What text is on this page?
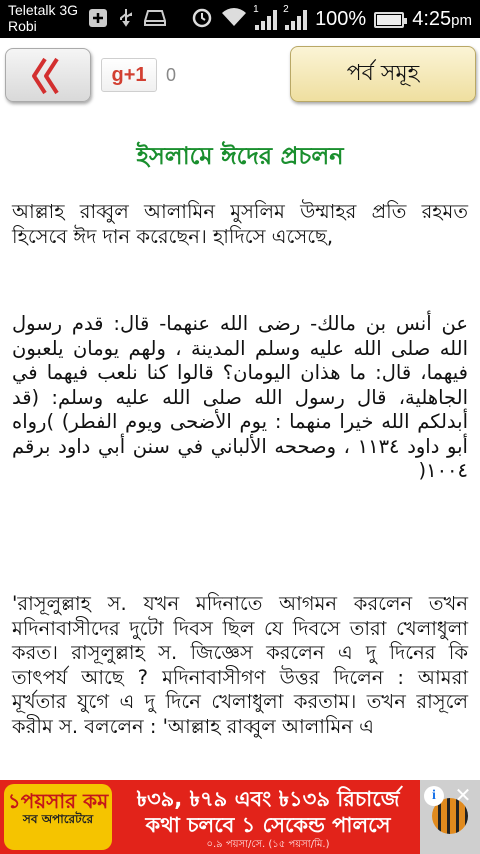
Teletalk 3G
Robi
1 2 100% 4:25pm
g+1	0	পর্ব সমূহ
ইসলামে ঈদের প্রচলন

আল্লাহ রাব্বুল আলামিন মুসলিম উম্মাহর প্রতি রহমত হিসেবে ঈদ দান করেছেন। হাদিসে এসেছে,

عن أنس بن مالك- رضى الله عنهما- قال: قدم رسول الله صلى الله عليه وسلم المدينة ، ولهم يومان يلعبون فيهما، قال: ما هذان اليومان؟ قالوا كنا نلعب فيهما في الجاهلية، قال رسول الله صلى الله عليه وسلم: (قد أبدلكم الله خيرا منهما : يوم الأضحى ويوم الفطر) )رواه أبو داود ١١٣٤ ، وصححه الألباني في سنن أبي داود برقم ١٠٠٤(

'রাসূলুল্লাহ স. যখন মদিনাতে আগমন করলেন তখন মদিনাবাসীদের দুটো দিবস ছিল যে দিবসে তারা খেলাধুলা করত। রাসূলুল্লাহ স. জিজ্ঞেস করলেন এ দু দিনের কি তাৎপর্য আছে ? মদিনাবাসীগণ উত্তর দিলেন : আমরা মূর্খতার যুগে এ দু দিনে খেলাধুলা করতাম। তখন রাসূলে করীম স. বললেন : 'আল্লাহ রাব্বুল আলামিন এ

১পয়সার কম
সব অপারেটরে
৳৩৯, ৳৭৯ এবং ৳১৩৯ রিচার্জে
কথা চলবে ১ সেকেন্ড পালসে
০.৯ পয়সা/সে. (১৫ পয়সা/মি.)
i ✕
